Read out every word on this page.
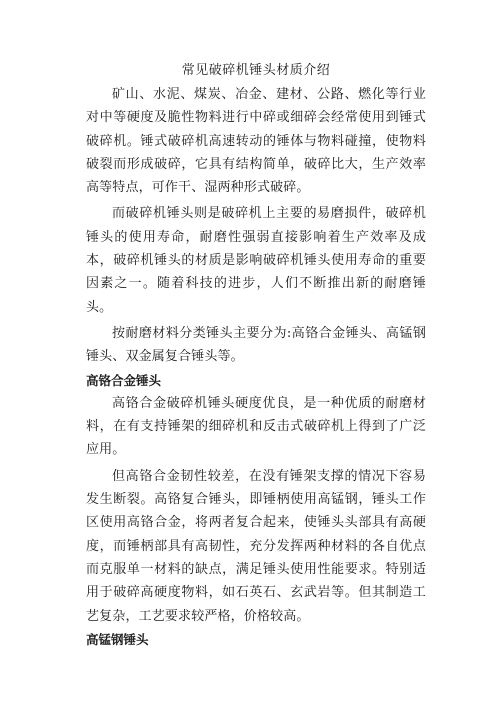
常见破碎机锤头材质介绍

矿山、水泥、煤炭、冶金、建材、公路、燃化等行业对中等硬度及脆性物料进行中碎或细碎会经常使用到锤式破碎机。锤式破碎机高速转动的锤体与物料碰撞，使物料破裂而形成破碎，它具有结构简单，破碎比大，生产效率高等特点，可作干、湿两种形式破碎。

而破碎机锤头则是破碎机上主要的易磨损件，破碎机锤头的使用寿命，耐磨性强弱直接影响着生产效率及成本，破碎机锤头的材质是影响破碎机锤头使用寿命的重要因素之一。随着科技的进步，人们不断推出新的耐磨锤头。

按耐磨材料分类锤头主要分为:高铬合金锤头、高锰钢锤头、双金属复合锤头等。

高铬合金锤头

高铬合金破碎机锤头硬度优良，是一种优质的耐磨材料，在有支持锤架的细碎机和反击式破碎机上得到了广泛应用。

但高铬合金韧性较差，在没有锤架支撑的情况下容易发生断裂。高铬复合锤头，即锤柄使用高锰钢，锤头工作区使用高铬合金，将两者复合起来，使锤头头部具有高硬度，而锤柄部具有高韧性，充分发挥两种材料的各自优点而克服单一材料的缺点，满足锤头使用性能要求。特别适用于破碎高硬度物料，如石英石、玄武岩等。但其制造工艺复杂，工艺要求较严格，价格较高。

高锰钢锤头
